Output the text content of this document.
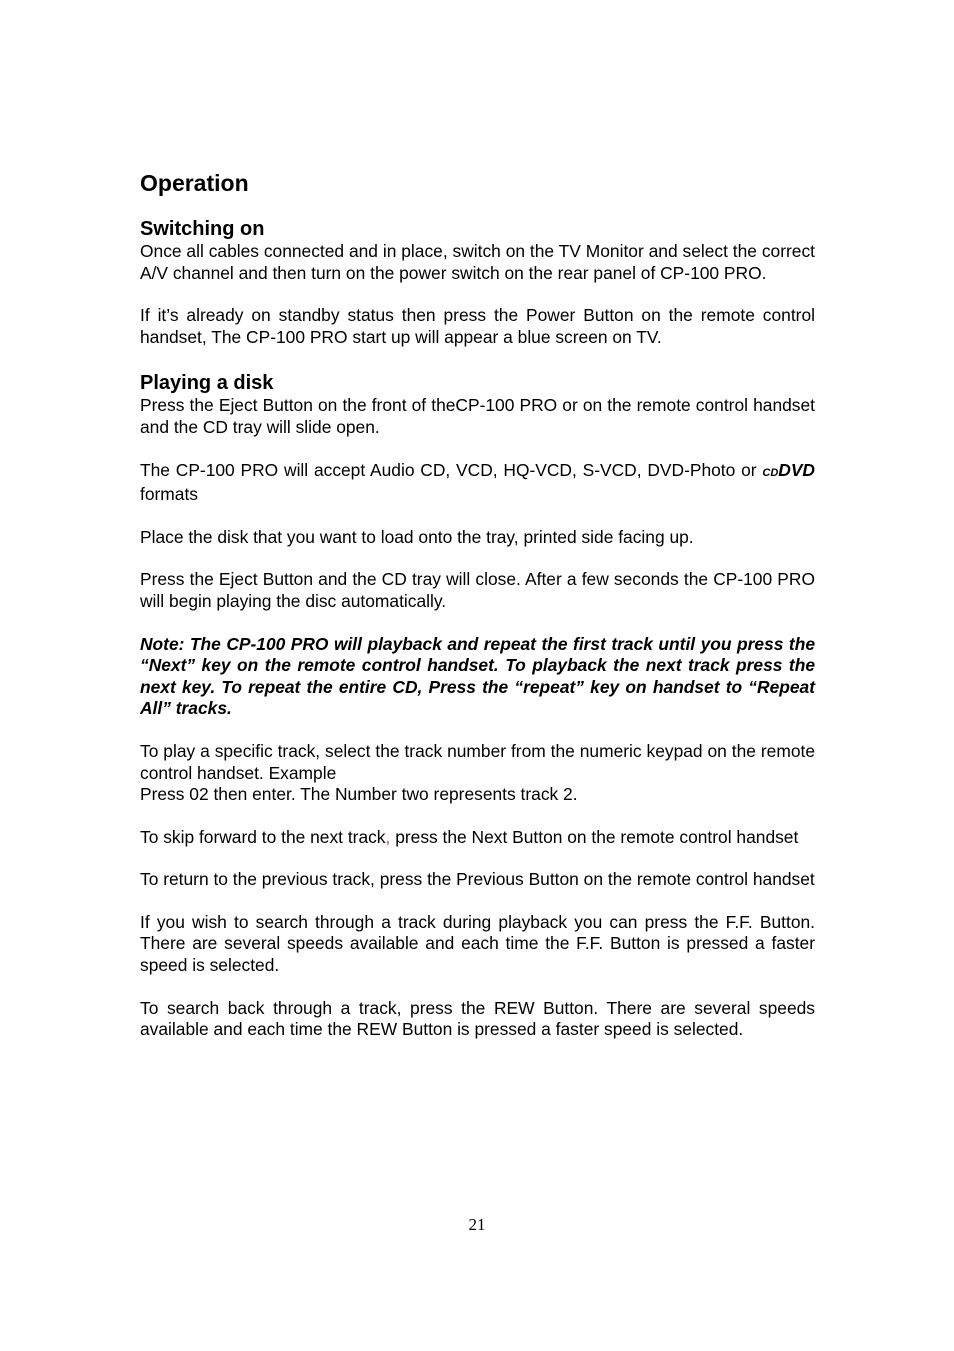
Operation
Switching on

Once all cables connected and in place, switch on the TV Monitor and select the correct A/V channel and then turn on the power switch on the rear panel of CP-100 PRO.

If it’s already on standby status then press the Power Button on the remote control handset, The CP-100 PRO start up will appear a blue screen on TV.

Playing a disk

Press the Eject Button on the front of theCP-100 PRO or on the remote control handset and the CD tray will slide open.

The CP-100 PRO will accept Audio CD, VCD, HQ-VCD, S-VCD, DVD-Photo or CDDVD formats

Place the disk that you want to load onto the tray, printed side facing up.

Press the Eject Button and the CD tray will close. After a few seconds the CP-100 PRO will begin playing the disc automatically.

Note: The CP-100 PRO will playback and repeat the first track until you press the “Next” key on the remote control handset. To playback the next track press the next key. To repeat the entire CD, Press the “repeat” key on handset to “Repeat All” tracks.

To play a specific track, select the track number from the numeric keypad on the remote control handset. Example
Press 02 then enter. The Number two represents track 2.

To skip forward to the next track, press the Next Button on the remote control handset

To return to the previous track, press the Previous Button on the remote control handset

If you wish to search through a track during playback you can press the F.F. Button. There are several speeds available and each time the F.F. Button is pressed a faster speed is selected.

To search back through a track, press the REW Button. There are several speeds available and each time the REW Button is pressed a faster speed is selected.

21
